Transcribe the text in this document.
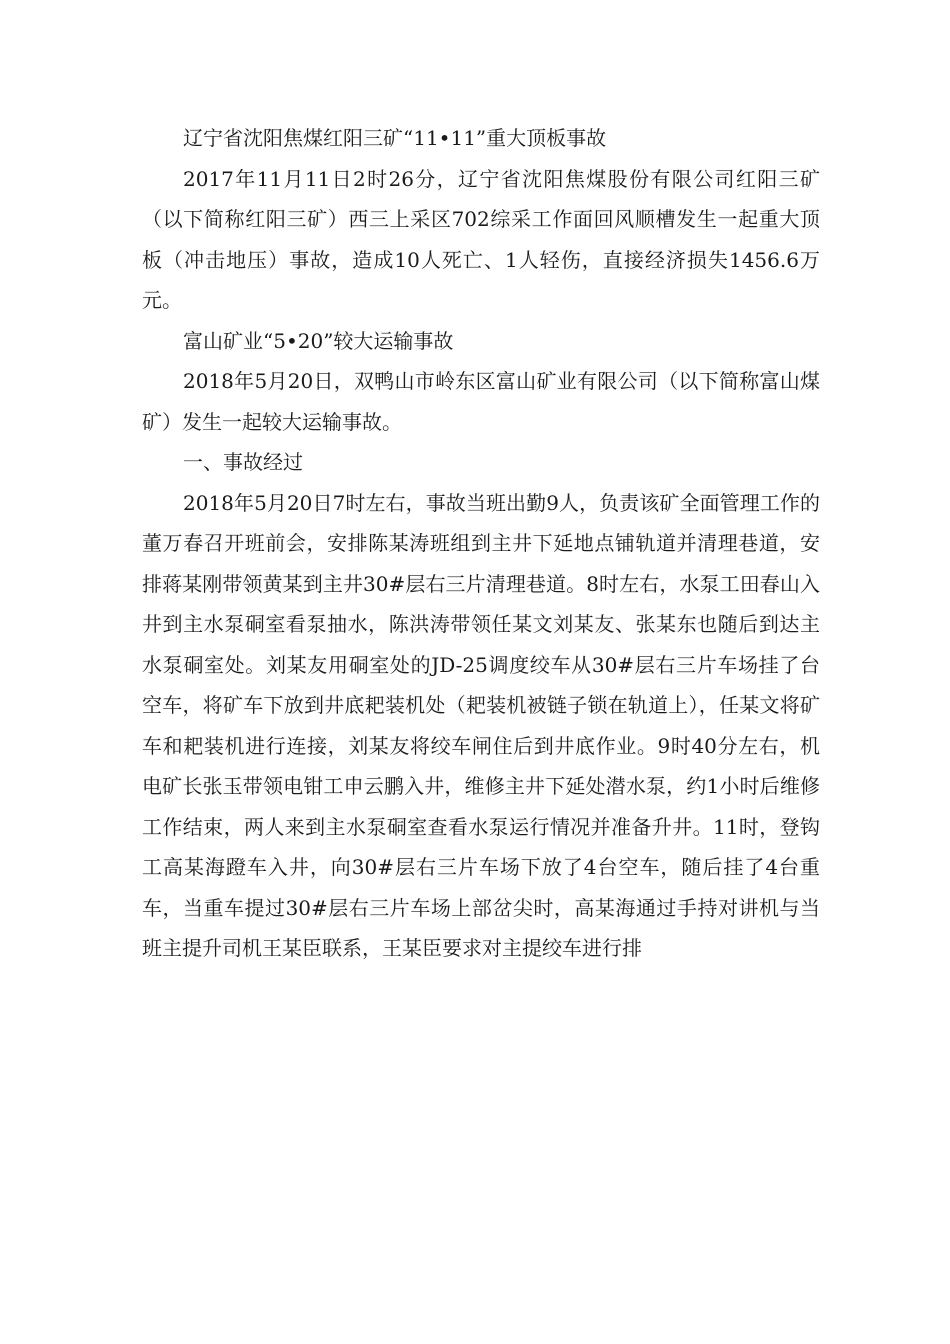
辽宁省沈阳焦煤红阳三矿“11•11”重大顶板事故

2017年11月11日2时26分，辽宁省沈阳焦煤股份有限公司红阳三矿（以下简称红阳三矿）西三上采区702综采工作面回风顺槽发生一起重大顶板（冲击地压）事故，造成10人死亡、1人轻伤，直接经济损失1456.6万元。

富山矿业“5•20”较大运输事故

2018年5月20日，双鸭山市岭东区富山矿业有限公司（以下简称富山煤矿）发生一起较大运输事故。

一、事故经过

2018年5月20日7时左右，事故当班出勤9人，负责该矿全面管理工作的董万春召开班前会，安排陈某涛班组到主井下延地点铺轨道并清理巷道，安排蒋某刚带领黄某到主井30#层右三片清理巷道。8时左右，水泵工田春山入井到主水泵硐室看泵抽水，陈洪涛带领任某文刘某友、张某东也随后到达主水泵硐室处。刘某友用硐室处的JD-25调度绞车从30#层右三片车场挂了台空车，将矿车下放到井底耙装机处（耙装机被链子锁在轨道上），任某文将矿车和耙装机进行连接，刘某友将绞车闸住后到井底作业。9时40分左右，机电矿长张玉带领电钳工申云鹏入井，维修主井下延处潜水泵，约1小时后维修工作结束，两人来到主水泵硐室查看水泵运行情况并准备升井。11时，登钩工高某海蹬车入井，向30#层右三片车场下放了4台空车，随后挂了4台重车，当重车提过30#层右三片车场上部岔尖时，高某海通过手持对讲机与当班主提升司机王某臣联系，王某臣要求对主提绞车进行排
